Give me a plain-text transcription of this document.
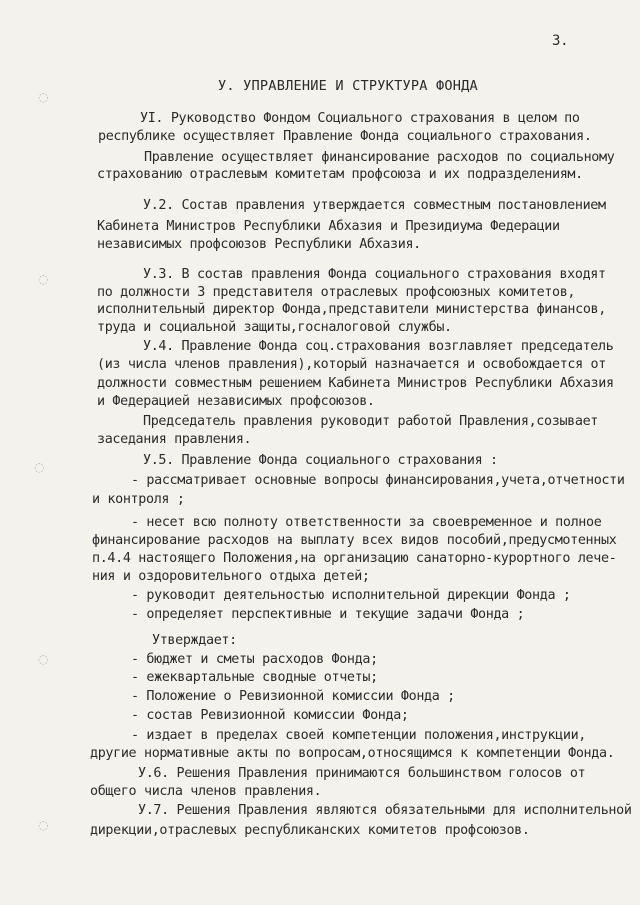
3.
У. УПРАВЛЕНИЕ И СТРУКТУРА ФОНДА
◌
◌
◌
◌
◌
УI. Руководство Фондом Социального страхования в целом по
республике осуществляет Правление Фонда социального страхования.
Правление осуществляет финансирование расходов по социальному
страхованию отраслевым комитетам профсоюза и их подразделениям.
У.2. Состав правления утверждается совместным постановлением
Кабинета Министров Республики Абхазия и Президиума Федерации
независимых профсоюзов Республики Абхазия.
У.3. В состав правления Фонда социального страхования входят
по должности 3 представителя отраслевых профсоюзных комитетов,
исполнительный директор Фонда,представители министерства финансов,
труда и социальной защиты,госналоговой службы.
У.4. Правление Фонда соц.страхования возглавляет председатель
(из числа членов правления),который назначается и освобождается от
должности совместным решением Кабинета Министров Республики Абхазия
и Федерацией независимых профсоюзов.
Председатель правления руководит работой Правления,созывает
заседания правления.
У.5. Правление Фонда социального страхования :
- рассматривает основные вопросы финансирования,учета,отчетности
и контроля ;
- несет всю полноту ответственности за своевременное и полное
финансирование расходов на выплату всех видов пособий,предусмотенных
п.4.4 настоящего Положения,на организацию санаторно-курортного лече-
ния и оздоровительного отдыха детей;
- руководит деятельностью исполнительной дирекции Фонда ;
- определяет перспективные и текущие задачи Фонда ;
Утверждает:
- бюджет и сметы расходов Фонда;
- ежеквартальные сводные отчеты;
- Положение о Ревизионной комиссии Фонда ;
- состав Ревизионной комиссии Фонда;
- издает в пределах своей компетенции положения,инструкции,
другие нормативные акты по вопросам,относящимся к компетенции Фонда.
У.6. Решения Правления принимаются большинством голосов от
общего числа членов правления.
У.7. Решения Правления являются обязательными для исполнительной
дирекции,отраслевых республиканских комитетов профсоюзов.
